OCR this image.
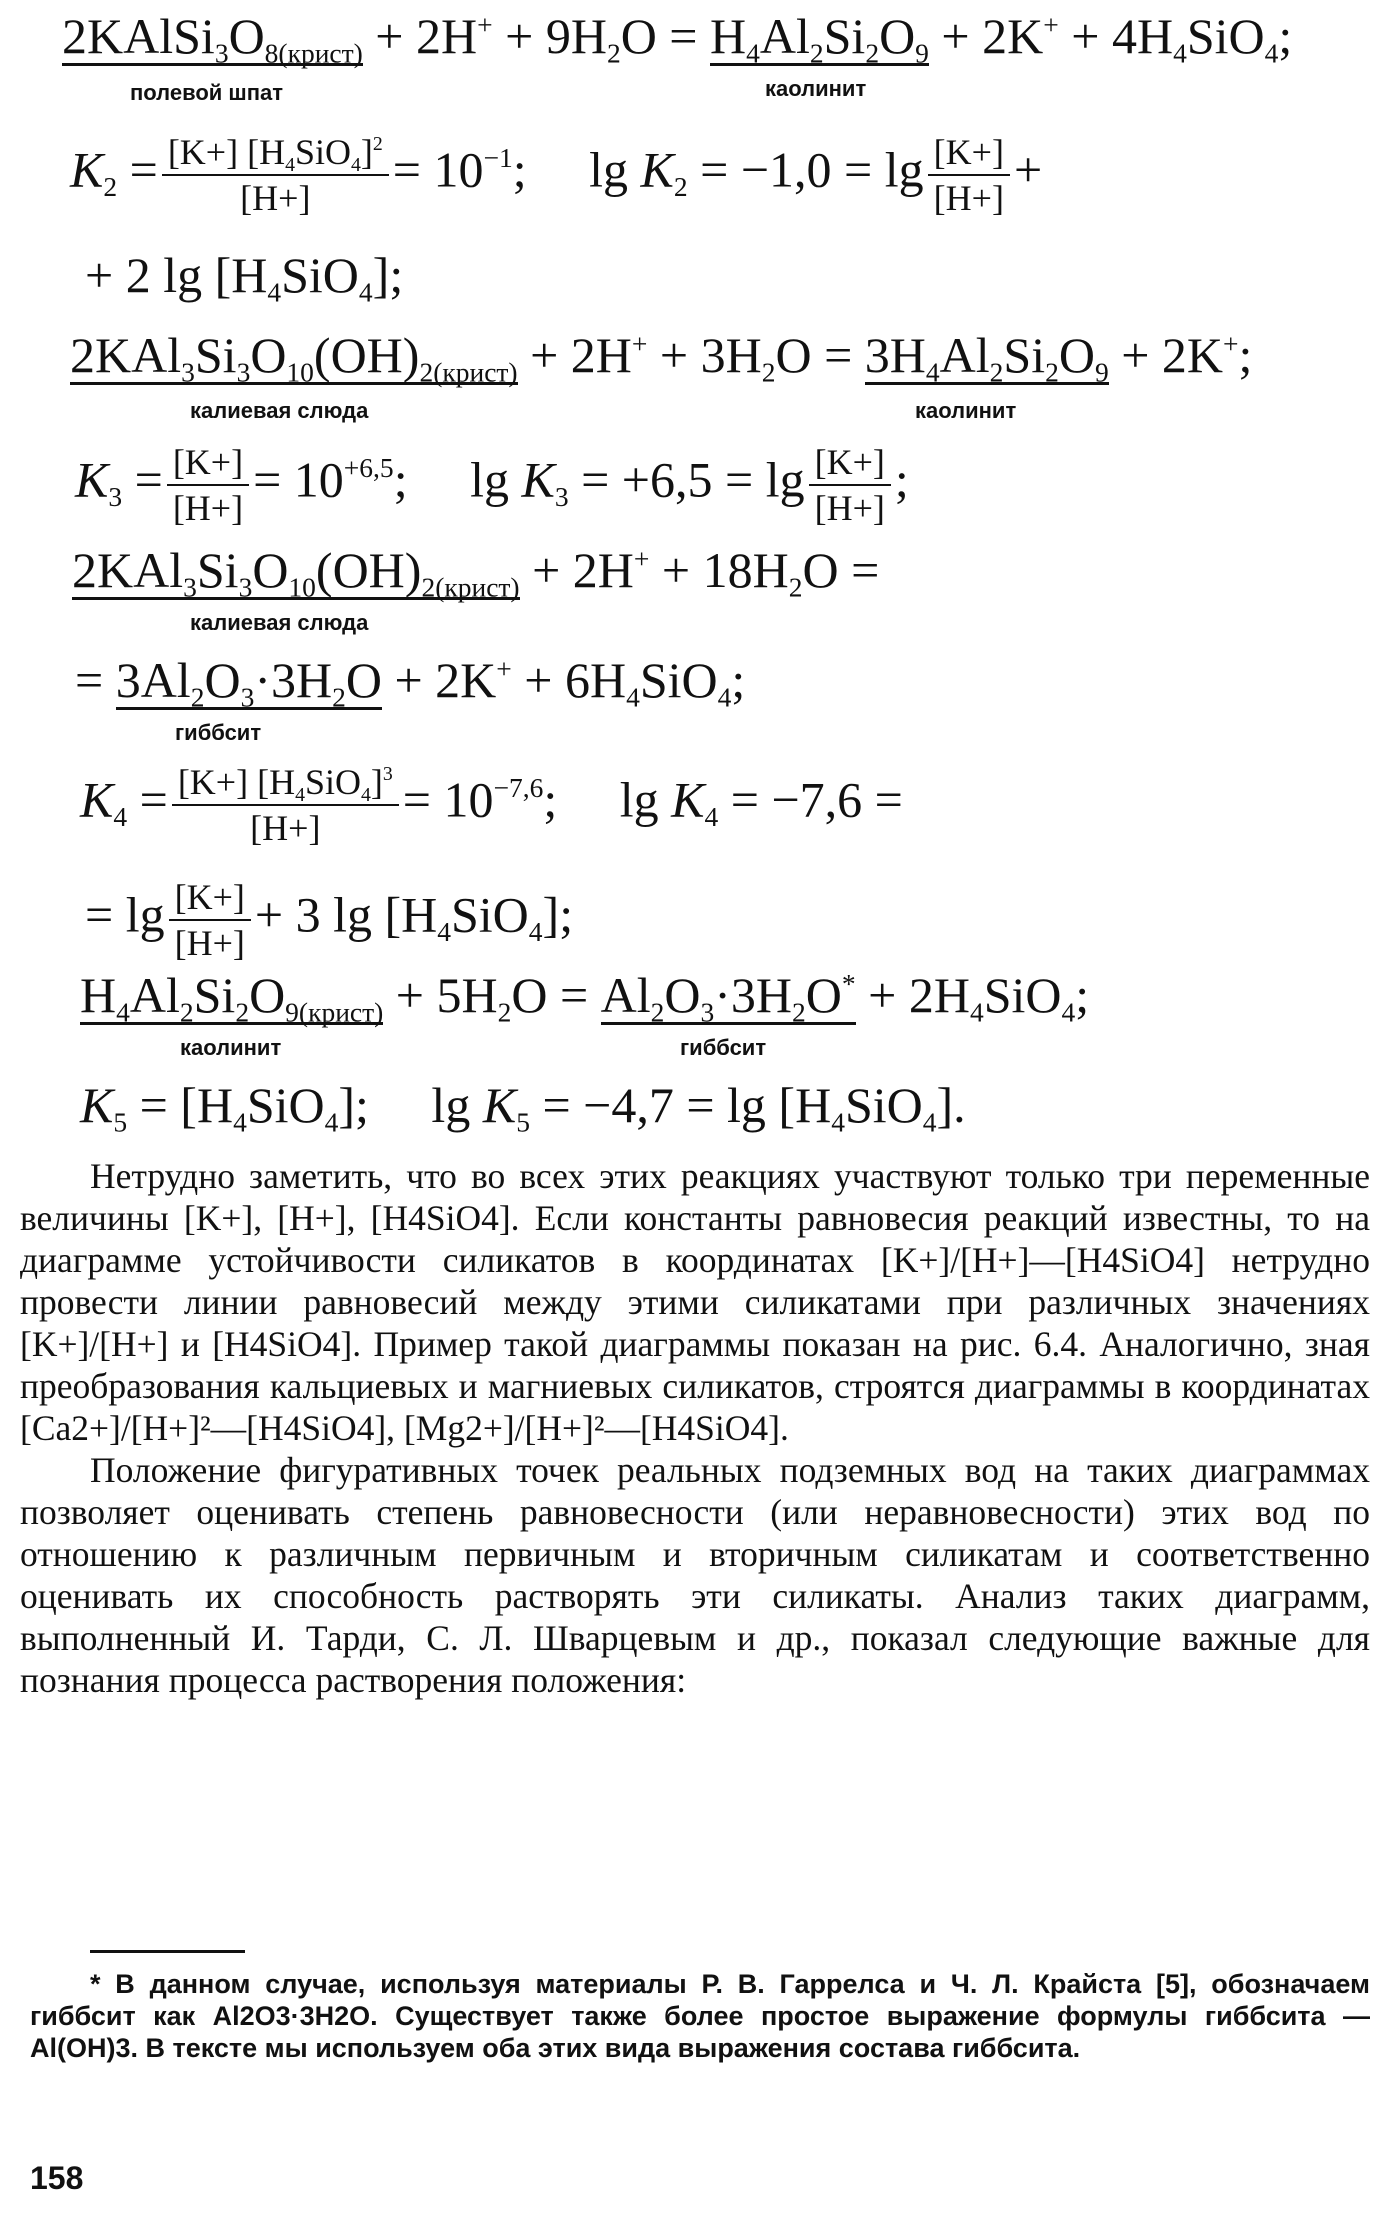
$2KAlSi_3O_{8(крист)} + 2H^+ + 9H_2O = H_4Al_2Si_2O_9 + 2K^+ + 4H_4SiO_4$;
полевой шпат	каолинит
$K_2 = \frac{[K+] [H_4SiO_4]^2}{[H+]} = 10^{-1}$;     $\lg K_2 = -1,0 = \lg \frac{[K+]}{[H+]}$ +
+ 2 $\lg [H_4SiO_4]$;
$2KAl_3Si_3O_{10}(OH)_{2(крист)} + 2H^+ + 3H_2O = 3H_4Al_2Si_2O_9 + 2K^+$;
калиевая слюда	каолинит
$K_3 = \frac{[K+]}{[H+]} = 10^{+6,5}$;     $\lg K_3 = +6,5 = \lg \frac{[K+]}{[H+]}$ ;
$2KAl_3Si_3O_{10}(OH)_{2(крист)} + 2H^+ + 18H_2O$ =
калиевая слюда
= $3Al_2O_3\cdot 3H_2O + 2K^+ + 6H_4SiO_4$;
гиббсит
$K_4 = \frac{[K+] [H_4SiO_4]^3}{[H+]} = 10^{-7,6}$;     $\lg K_4 = -7,6$ =
= $\lg \frac{[K+]}{[H+]} + 3$ $\lg [H_4SiO_4]$;
$H_4Al_2Si_2O_{9(крист)} + 5H_2O = Al_2O_3\cdot 3H_2O^* + 2H_4SiO_4$;
каолинит	гиббсит
$K_5 = [H_4SiO_4]$;     $\lg K_5 = -4,7 = \lg [H_4SiO_4]$.

Нетрудно заметить, что во всех этих реакциях участвуют только три переменные величины [K+], [H+], [H4SiO4]. Если константы равновесия реакций известны, то на диаграмме устойчивости силикатов в координатах [K+]/[H+]—[H4SiO4] нетрудно провести линии равновесий между этими силикатами при различных значениях [K+]/[H+] и [H4SiO4]. Пример такой диаграммы показан на рис. 6.4. Аналогично, зная преобразования кальциевых и магниевых силикатов, строятся диаграммы в координатах [Ca2+]/[H+]²—[H4SiO4], [Mg2+]/[H+]²—[H4SiO4].

Положение фигуративных точек реальных подземных вод на таких диаграммах позволяет оценивать степень равновесности (или неравновесности) этих вод по отношению к различным первичным и вторичным силикатам и соответственно оценивать их способность растворять эти силикаты. Анализ таких диаграмм, выполненный И. Тарди, С. Л. Шварцевым и др., показал следующие важные для познания процесса растворения положения:

* В данном случае, используя материалы Р. В. Гаррелса и Ч. Л. Крайста [5], обозначаем гиббсит как Al2O3·3H2O. Существует также более простое выражение формулы гиббсита — Al(OH)3. В тексте мы используем оба этих вида выражения состава гиббсита.

158
